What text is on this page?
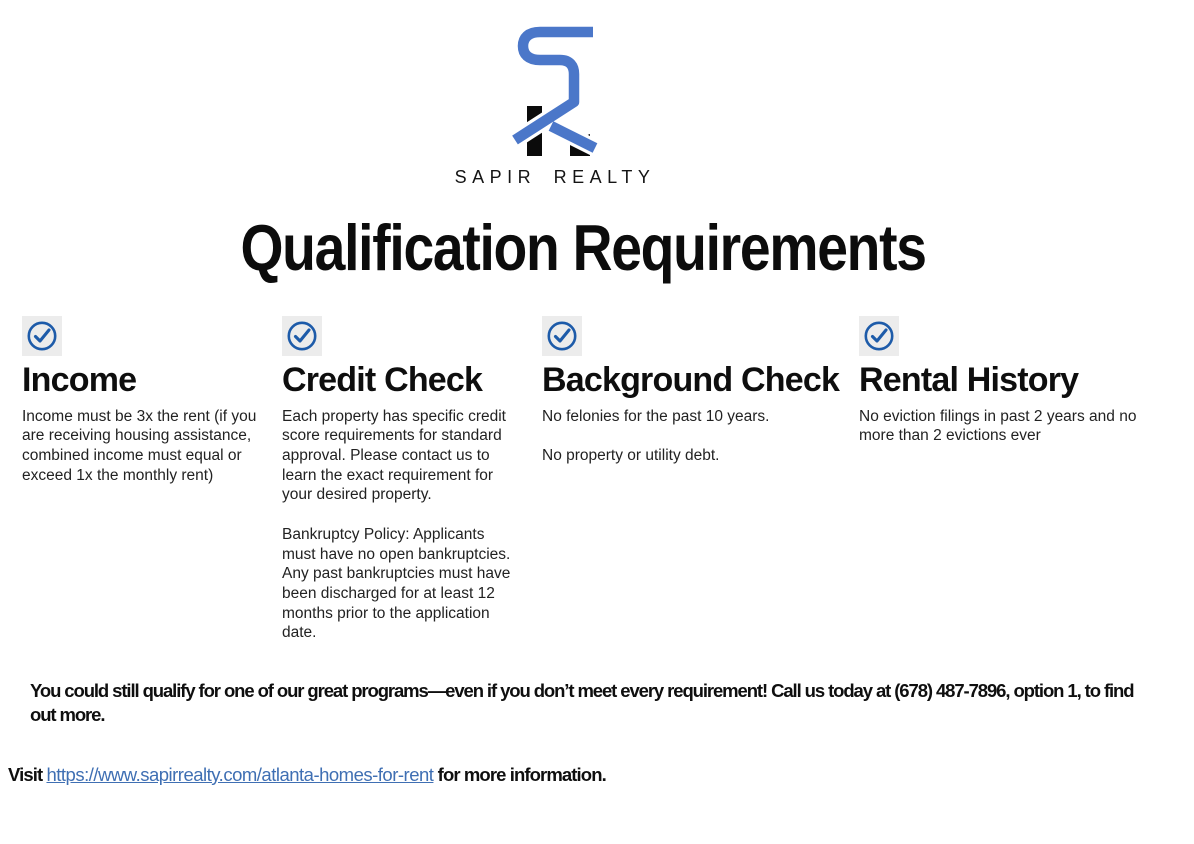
SAPIR REALTY
Qualification Requirements
Income

Income must be 3x the rent (if you are receiving housing assistance, combined income must equal or exceed 1x the monthly rent)

Credit Check

Each property has specific credit score requirements for standard approval. Please contact us to learn the exact requirement for your desired property.

Bankruptcy Policy: Applicants must have no open bankruptcies. Any past bankruptcies must have been discharged for at least 12 months prior to the application date.

Background Check

No felonies for the past 10 years.

No property or utility debt.

Rental History

No eviction filings in past 2 years and no more than 2 evictions ever

You could still qualify for one of our great programs—even if you don’t meet every requirement! Call us today at (678) 487-7896, option 1, to find out more.

Visit https://www.sapirrealty.com/atlanta-homes-for-rent for more information.
